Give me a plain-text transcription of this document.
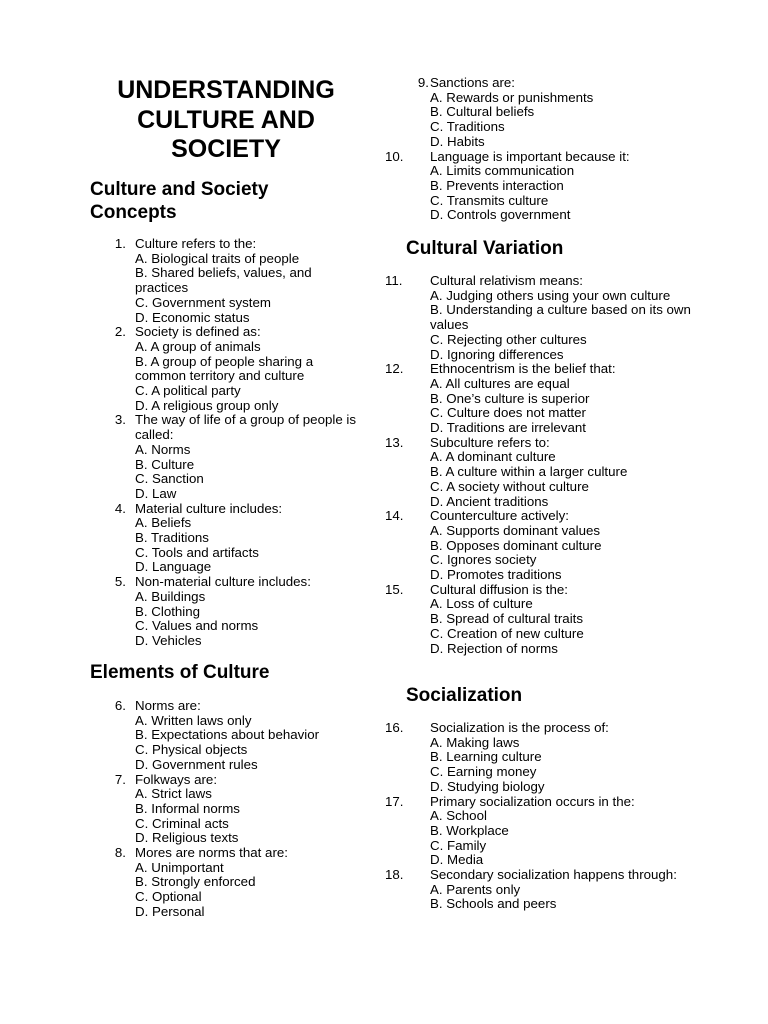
UNDERSTANDING
CULTURE AND
SOCIETY
Culture and Society
Concepts
1. Culture refers to the:
A. Biological traits of people
B. Shared beliefs, values, and practices
C. Government system
D. Economic status
2. Society is defined as:
A. A group of animals
B. A group of people sharing a common territory and culture
C. A political party
D. A religious group only
3. The way of life of a group of people is called:
A. Norms
B. Culture
C. Sanction
D. Law
4. Material culture includes:
A. Beliefs
B. Traditions
C. Tools and artifacts
D. Language
5. Non-material culture includes:
A. Buildings
B. Clothing
C. Values and norms
D. Vehicles
Elements of Culture
6. Norms are:
A. Written laws only
B. Expectations about behavior
C. Physical objects
D. Government rules
7. Folkways are:
A. Strict laws
B. Informal norms
C. Criminal acts
D. Religious texts
8. Mores are norms that are:
A. Unimportant
B. Strongly enforced
C. Optional
D. Personal
9. Sanctions are:
A. Rewards or punishments
B. Cultural beliefs
C. Traditions
D. Habits
10.	Language is important because it:
A. Limits communication
B. Prevents interaction
C. Transmits culture
D. Controls government
Cultural Variation
11.	Cultural relativism means:
A. Judging others using your own culture
B. Understanding a culture based on its own values
C. Rejecting other cultures
D. Ignoring differences
12.	Ethnocentrism is the belief that:
A. All cultures are equal
B. One’s culture is superior
C. Culture does not matter
D. Traditions are irrelevant
13.	Subculture refers to:
A. A dominant culture
B. A culture within a larger culture
C. A society without culture
D. Ancient traditions
14.	Counterculture actively:
A. Supports dominant values
B. Opposes dominant culture
C. Ignores society
D. Promotes traditions
15.	Cultural diffusion is the:
A. Loss of culture
B. Spread of cultural traits
C. Creation of new culture
D. Rejection of norms
Socialization
16.	Socialization is the process of:
A. Making laws
B. Learning culture
C. Earning money
D. Studying biology
17.	Primary socialization occurs in the:
A. School
B. Workplace
C. Family
D. Media
18.	Secondary socialization happens through:
A. Parents only
B. Schools and peers
